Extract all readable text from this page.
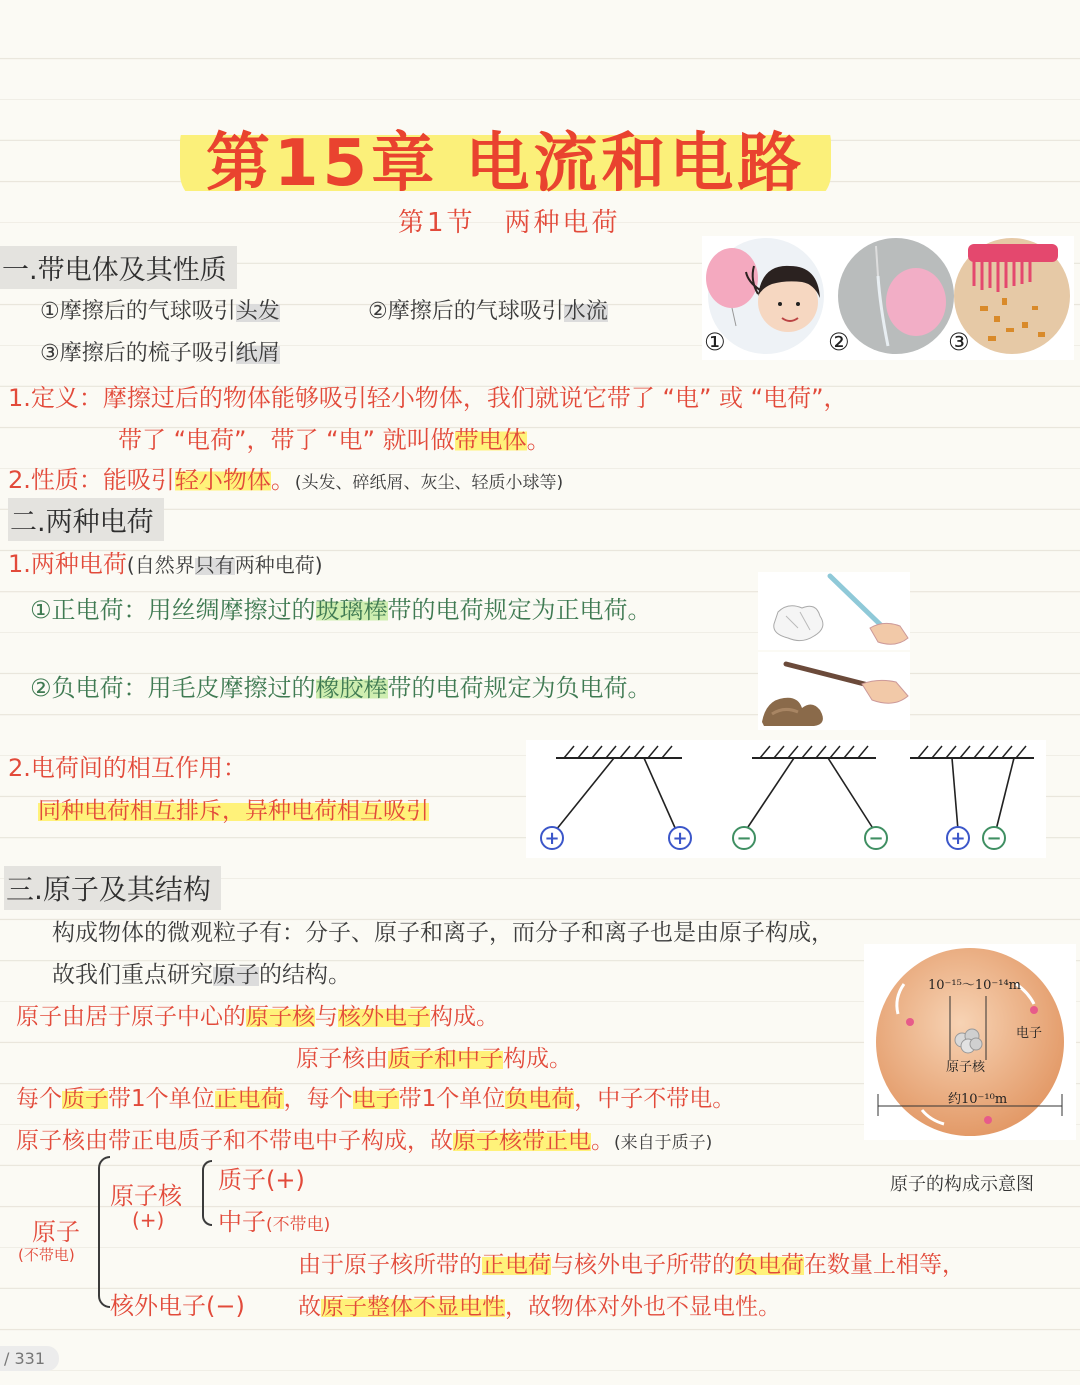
第15章 电流和电路
第1节　两种电荷
一.带电体及其性质
①摩擦后的气球吸引头发	②摩擦后的气球吸引水流
③摩擦后的梳子吸引纸屑	①	②	③
1.定义：摩擦过后的物体能够吸引轻小物体，我们就说它带了 “电” 或 “电荷”，
带了 “电荷”，带了 “电” 就叫做带电体。
2.性质：能吸引轻小物体。(头发、碎纸屑、灰尘、轻质小球等)
二.两种电荷
1.两种电荷(自然界只有两种电荷)
①正电荷：用丝绸摩擦过的玻璃棒带的电荷规定为正电荷。
②负电荷：用毛皮摩擦过的橡胶棒带的电荷规定为负电荷。
2.电荷间的相互作用：
同种电荷相互排斥，异种电荷相互吸引
+	+	−	−	+ −
三.原子及其结构
构成物体的微观粒子有：分子、原子和离子，而分子和离子也是由原子构成，
故我们重点研究原子的结构。
原子由居于原子中心的原子核与核外电子构成。
原子核由质子和中子构成。
每个质子带1个单位正电荷，每个电子带1个单位负电荷，中子不带电。
原子核由带正电质子和不带电中子构成，故原子核带正电。(来自于质子)
10⁻¹⁵～10⁻¹⁴m
电子
原子核
约10⁻¹⁰m
原子的构成示意图
原子
(不带电)
原子核
(+)
质子(+)
中子(不带电)
核外电子(−)
由于原子核所带的正电荷与核外电子所带的负电荷在数量上相等，
故原子整体不显电性，故物体对外也不显电性。
/ 331
